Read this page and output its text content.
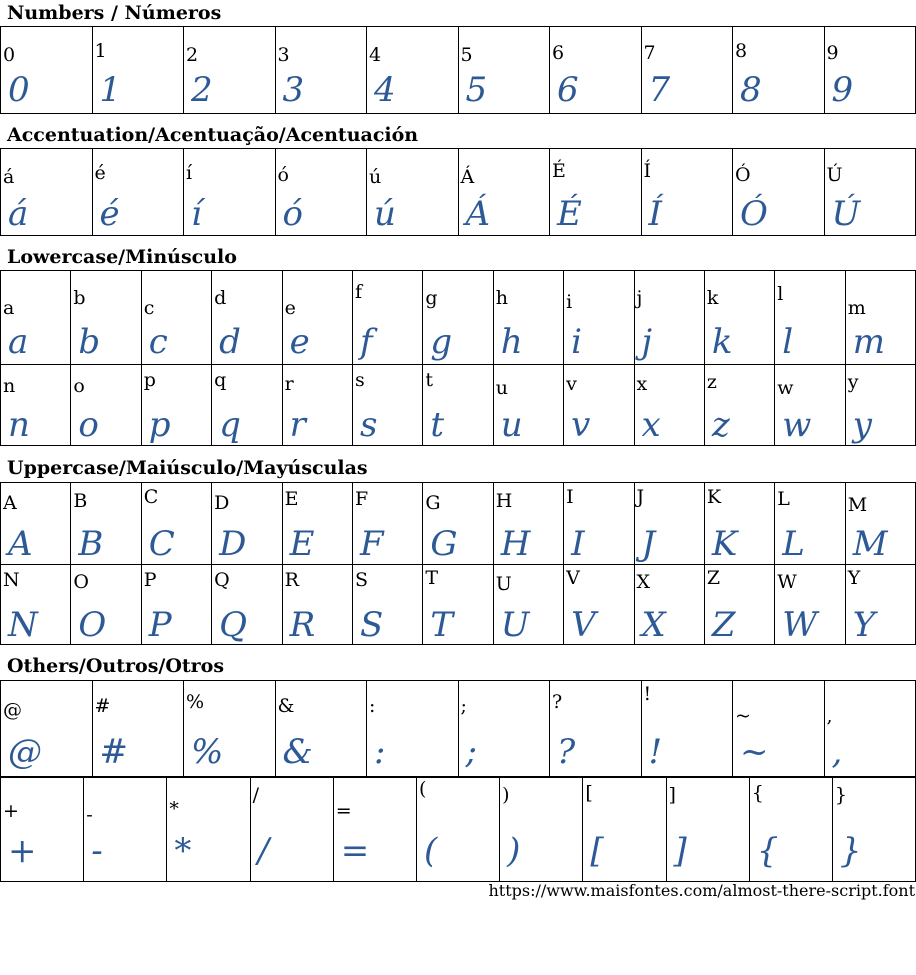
Numbers / Números
0
0
1
1
2
2
3
3
4
4
5
5
6
6
7
7
8
8
9
9
Accentuation/Acentuação/Acentuación
á
á
é
é
í
í
ó
ó
ú
ú
Á
Á
É
É
Í
Í
Ó
Ó
Ú
Ú
Lowercase/Minúsculo
a
a
b
b
c
c
d
d
e
e
f
f
g
g
h
h
i
i
j
j
k
k
l
l
m
m
n
n
o
o
p
p
q
q
r
r
s
s
t
t
u
u
v
v
x
x
z
z
w
w
y
y
Uppercase/Maiúsculo/Mayúsculas
A
A
B
B
C
C
D
D
E
E
F
F
G
G
H
H
I
I
J
J
K
K
L
L
M
M
N
N
O
O
P
P
Q
Q
R
R
S
S
T
T
U
U
V
V
X
X
Z
Z
W
W
Y
Y
Others/Outros/Otros
@
@
#
#
%
%
&
&
:
:
;
;
?
?
!
!
~
~
,
,
+
+
-
-
*
*
/
/
=
=
(
(
)
)
[
[
]
]
{
{
}
}
https://www.maisfontes.com/almost-there-script.font
